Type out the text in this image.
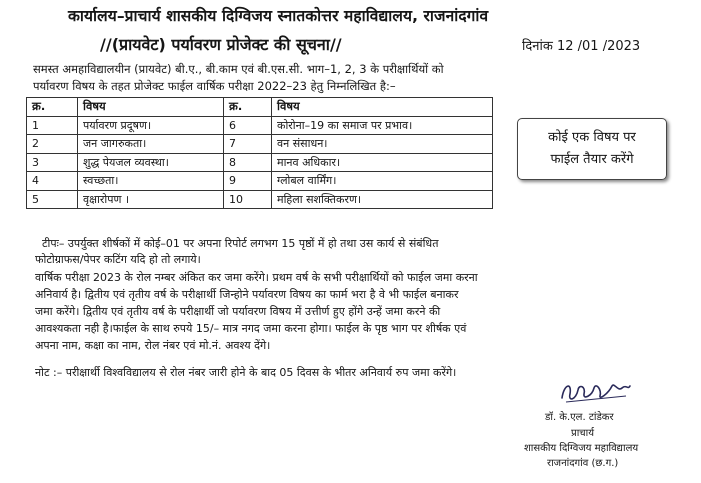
कार्यालय–प्राचार्य शासकीय दिग्विजय स्नातकोत्तर महाविद्यालय, राजनांदगांव
//(प्रायवेट) पर्यावरण प्रोजेक्ट की सूचना//	दिनांक 12 /01 /2023
समस्त अमहाविद्यालयीन (प्रायवेट) बी.ए., बी.काम एवं बी.एस.सी. भाग–1, 2, 3 के परीक्षार्थियों को
पर्यावरण विषय के तहत प्रोजेक्ट फाईल वार्षिक परीक्षा 2022–23 हेतु निम्नलिखित है:–
क्र.	विषय	क्र.	विषय
1	पर्यावरण प्रदूषण।	6	कोरोना–19 का समाज पर प्रभाव।
2	जन जागरुकता।	7	वन संसाधन।
3	शुद्ध पेयजल व्यवस्था।	8	मानव अधिकार।
4	स्वच्छता।	9	ग्लोबल वार्मिंग।
5	वृक्षारोपण ।	10	महिला सशक्तिकरण।
कोई एक विषय पर
फाईल तैयार करेंगे
टीपः– उपर्युक्त शीर्षकों में कोई–01 पर अपना रिपोर्ट लगभग 15 पृष्ठों में हो तथा उस कार्य से संबंधित
फोटोग्राफस/पेपर कटिंग यदि हो तो लगाये।
वार्षिक परीक्षा 2023 के रोल नम्बर अंकित कर जमा करेंगे। प्रथम वर्ष के सभी परीक्षार्थियों को फाईल जमा करना
अनिवार्य है। द्वितीय एवं तृतीय वर्ष के परीक्षार्थी जिन्होने पर्यावरण विषय का फार्म भरा है वे भी फाईल बनाकर
जमा करेंगे। द्वितीय एवं तृतीय वर्ष के परीक्षार्थी जो पर्यावरण विषय में उत्तीर्ण हुए होंगे उन्हें जमा करने की
आवश्यकता नही है।फाईल के साथ रुपये 15/– मात्र नगद जमा करना होगा। फाईल के पृष्ठ भाग पर शीर्षक एवं
अपना नाम, कक्षा का नाम, रोल नंबर एवं मो.नं. अवश्य देंगे।
नोट :– परीक्षार्थी विश्वविद्यालय से रोल नंबर जारी होने के बाद 05 दिवस के भीतर अनिवार्य रुप जमा करेंगे।
डॉ. के.एल. टांडेकर
प्राचार्य
शासकीय दिग्विजय महाविद्यालय
राजनांदगांव (छ.ग.)
